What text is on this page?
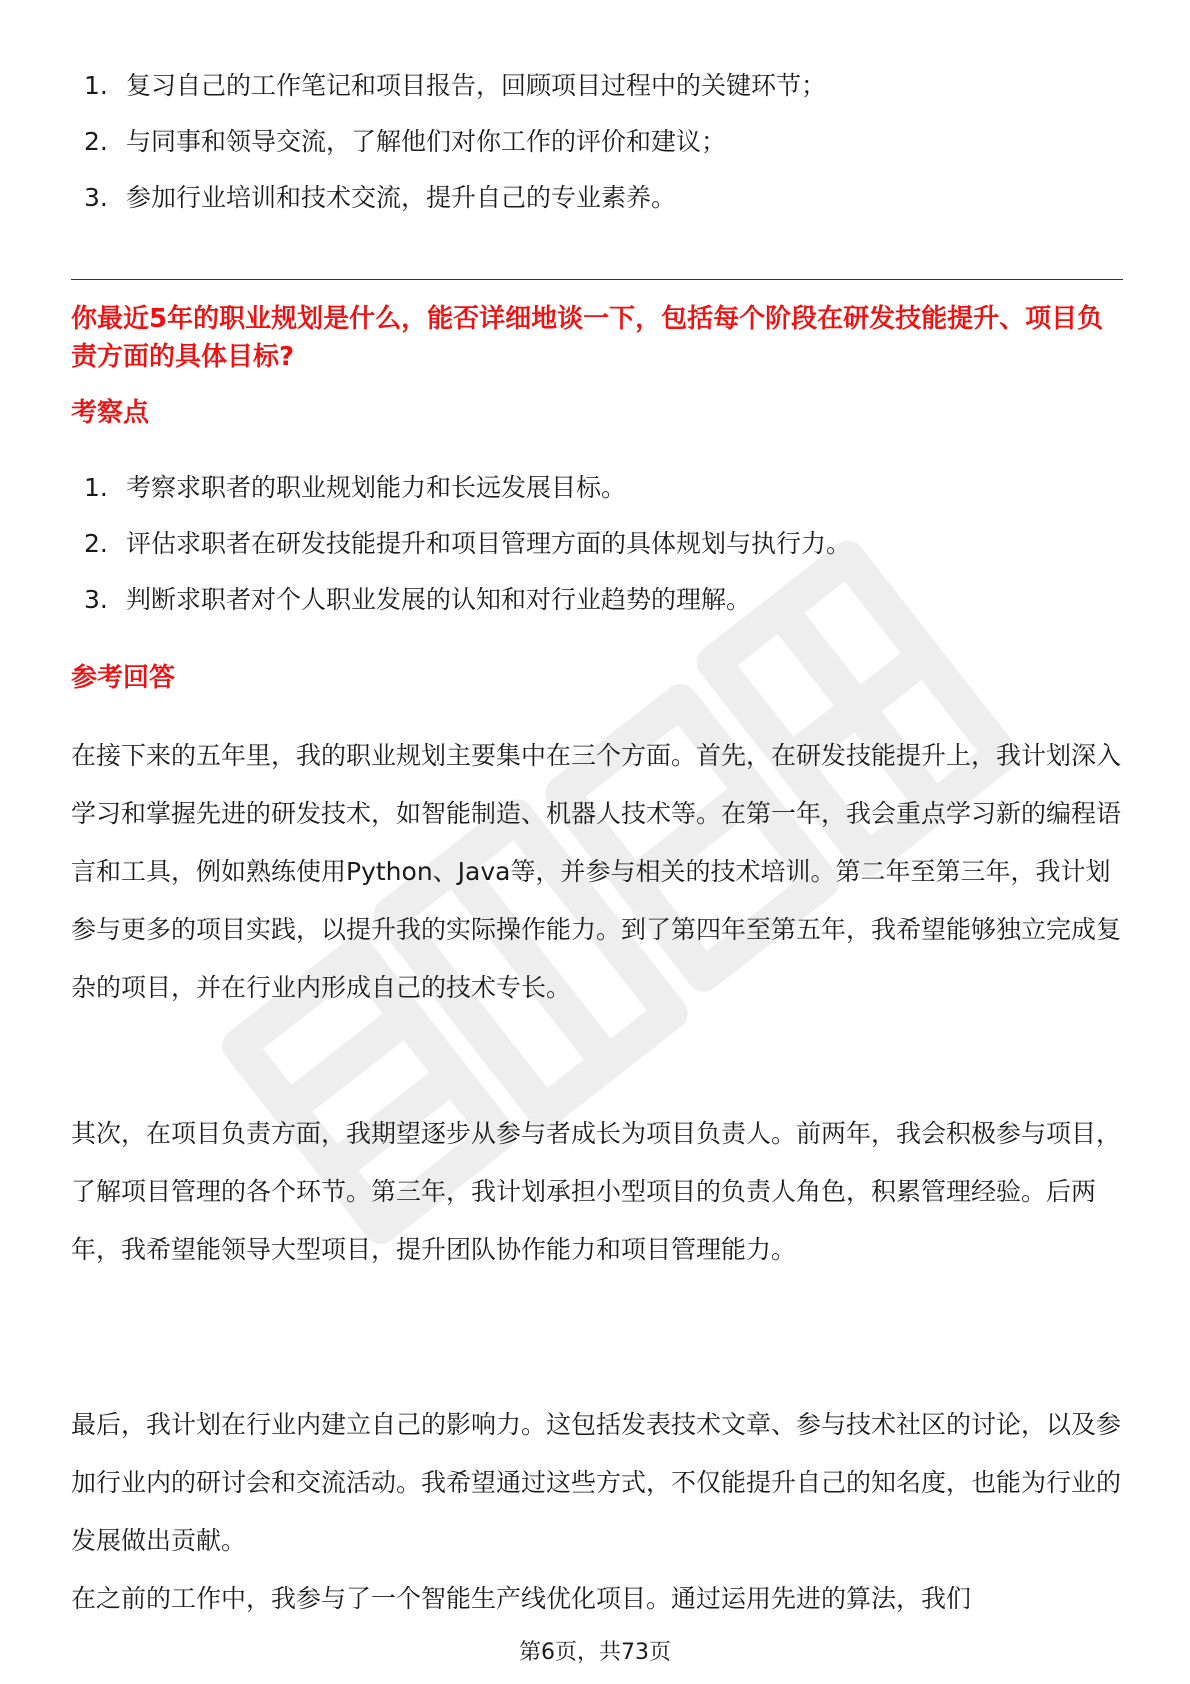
1. 复习自己的工作笔记和项目报告，回顾项目过程中的关键环节；
2. 与同事和领导交流，了解他们对你工作的评价和建议；
3. 参加行业培训和技术交流，提升自己的专业素养。
你最近5年的职业规划是什么，能否详细地谈一下，包括每个阶段在研发技能提升、项目负责方面的具体目标?
考察点
1. 考察求职者的职业规划能力和长远发展目标。
2. 评估求职者在研发技能提升和项目管理方面的具体规划与执行力。
3. 判断求职者对个人职业发展的认知和对行业趋势的理解。
参考回答

在接下来的五年里，我的职业规划主要集中在三个方面。首先，在研发技能提升上，我计划深入学习和掌握先进的研发技术，如智能制造、机器人技术等。在第一年，我会重点学习新的编程语言和工具，例如熟练使用Python、Java等，并参与相关的技术培训。第二年至第三年，我计划参与更多的项目实践，以提升我的实际操作能力。到了第四年至第五年，我希望能够独立完成复杂的项目，并在行业内形成自己的技术专长。

其次，在项目负责方面，我期望逐步从参与者成长为项目负责人。前两年，我会积极参与项目，了解项目管理的各个环节。第三年，我计划承担小型项目的负责人角色，积累管理经验。后两年，我希望能领导大型项目，提升团队协作能力和项目管理能力。

最后，我计划在行业内建立自己的影响力。这包括发表技术文章、参与技术社区的讨论，以及参加行业内的研讨会和交流活动。我希望通过这些方式，不仅能提升自己的知名度，也能为行业的发展做出贡献。

在之前的工作中，我参与了一个智能生产线优化项目。通过运用先进的算法，我们

第6页，共73页
